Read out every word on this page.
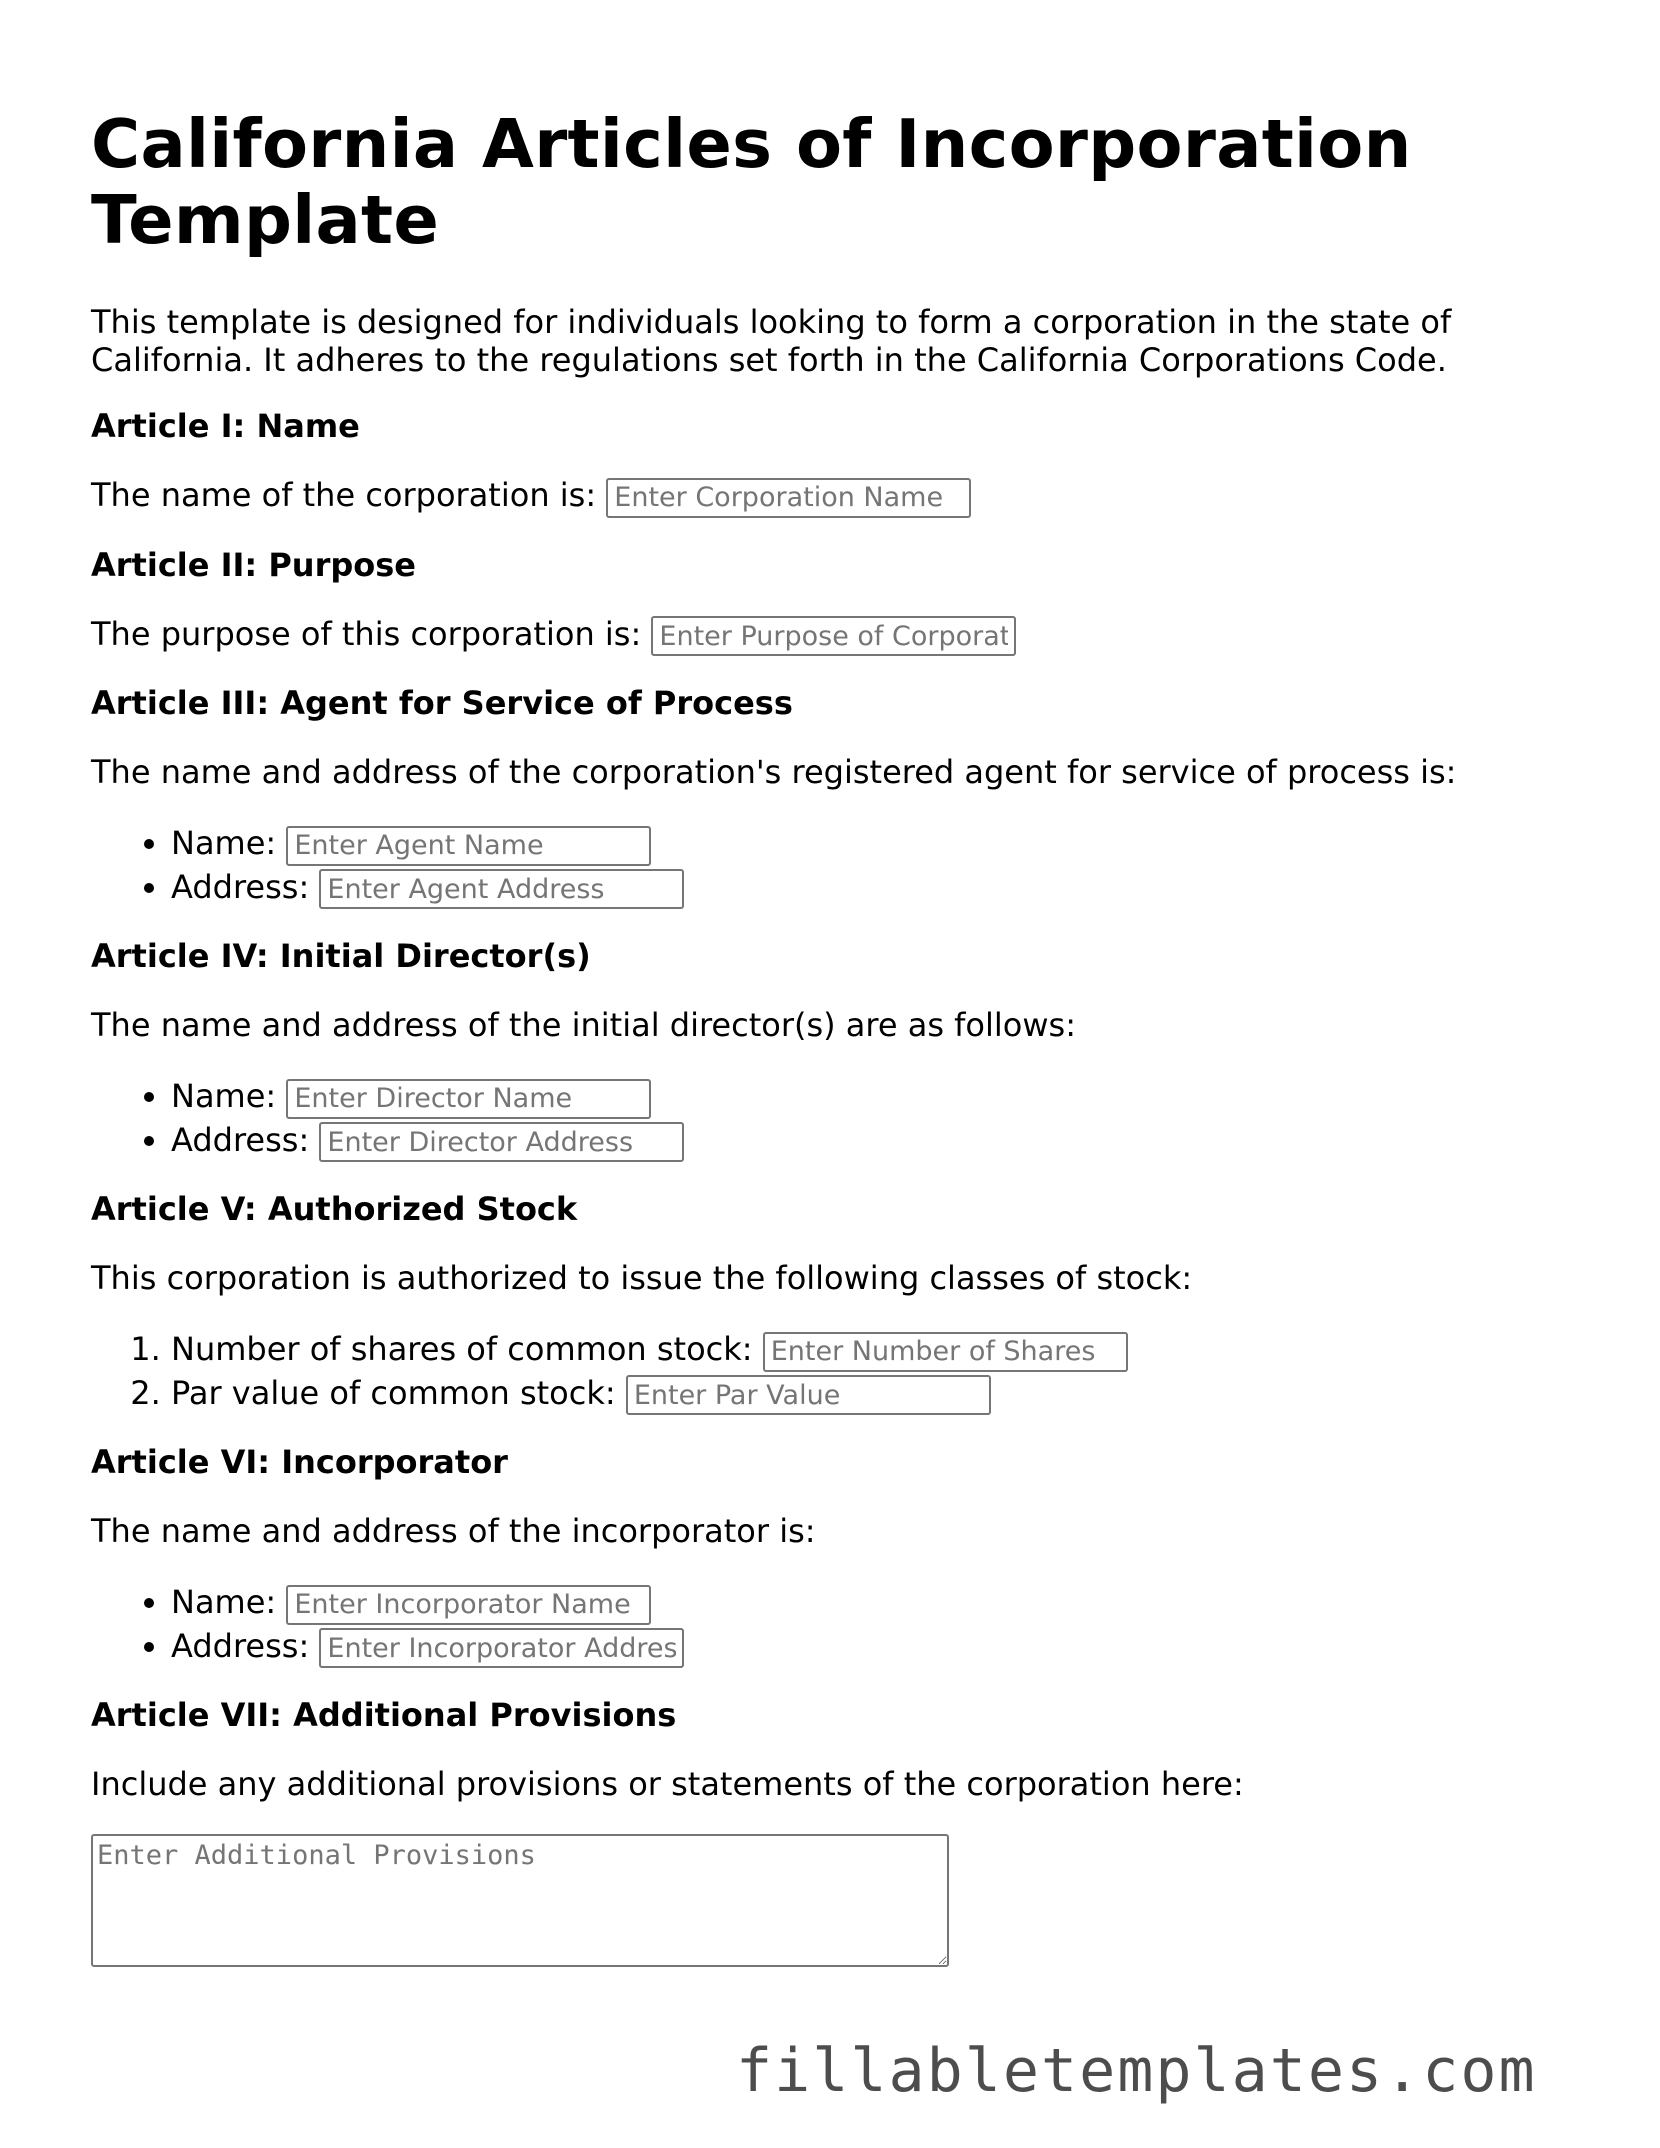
California Articles of Incorporation Template

This template is designed for individuals looking to form a corporation in the state of California. It adheres to the regulations set forth in the California Corporations Code.

Article I: Name

The name of the corporation is: Enter Corporation Name

Article II: Purpose

The purpose of this corporation is: Enter Purpose of Corporation

Article III: Agent for Service of Process

The name and address of the corporation's registered agent for service of process is:

• Name: Enter Agent Name
• Address: Enter Agent Address
Article IV: Initial Director(s)

The name and address of the initial director(s) are as follows:

• Name: Enter Director Name
• Address: Enter Director Address
Article V: Authorized Stock

This corporation is authorized to issue the following classes of stock:

1. Number of shares of common stock: Enter Number of Shares
2. Par value of common stock: Enter Par Value
Article VI: Incorporator

The name and address of the incorporator is:

• Name: Enter Incorporator Name
• Address: Enter Incorporator Address
Article VII: Additional Provisions

Include any additional provisions or statements of the corporation here:

Enter Additional Provisions
fillabletemplates.com
